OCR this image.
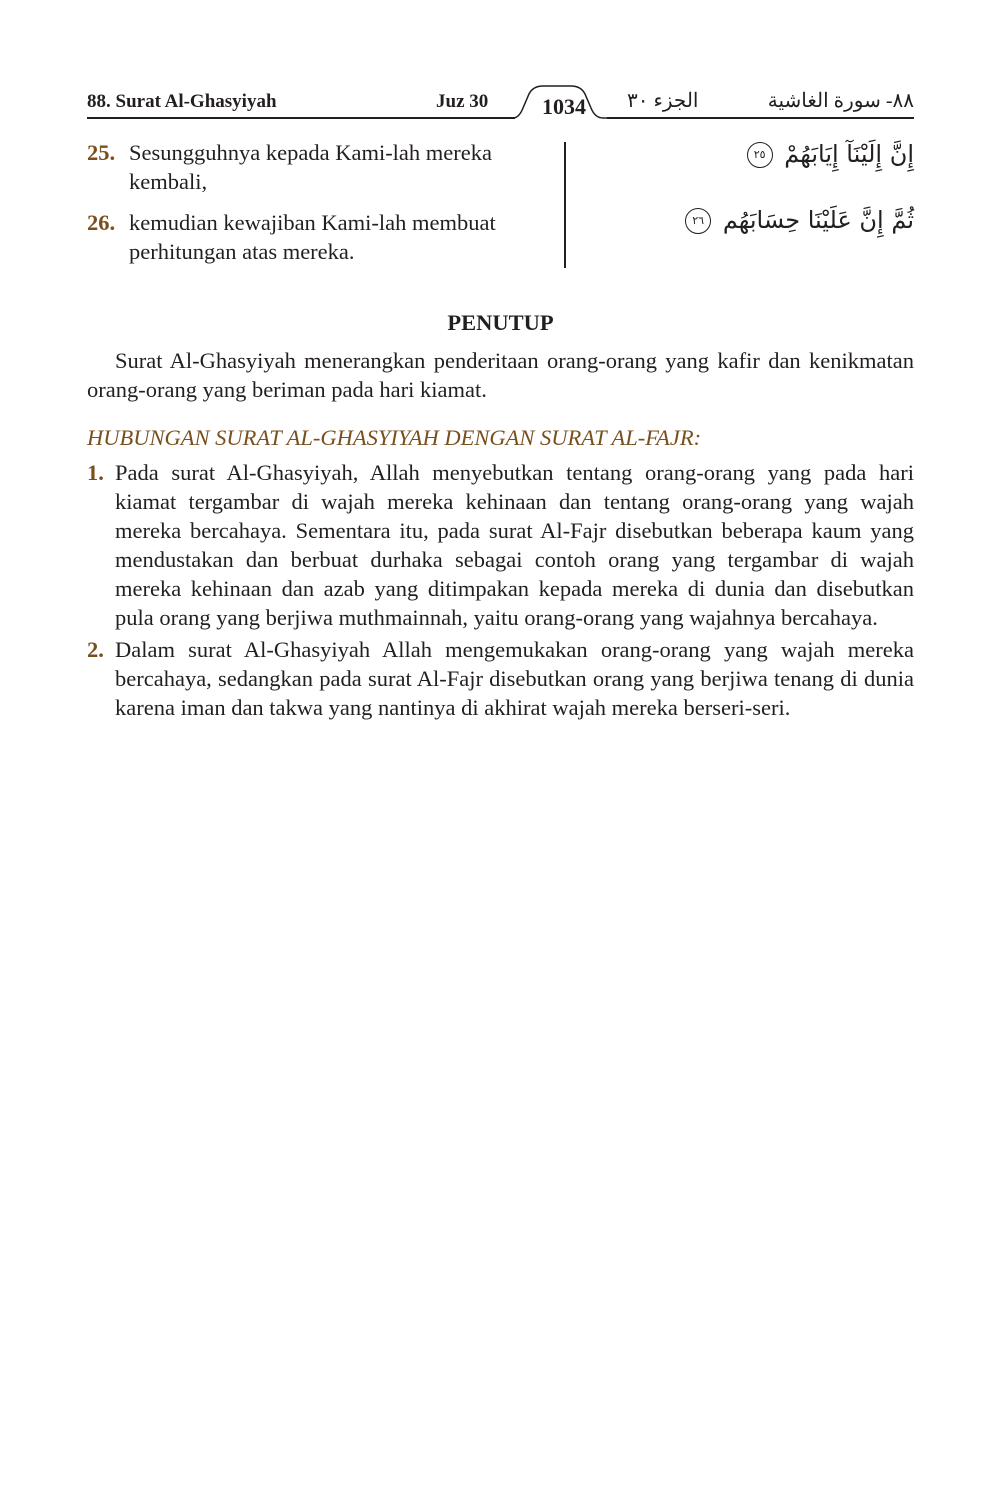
88. Surat Al-Ghasyiyah	Juz 30	1034	الجزء ٣٠	٨٨- سورة الغاشية
25. Sesungguhnya kepada Kami-lah mereka kembali,
26. kemudian kewajiban Kami-lah membuat perhitungan atas mereka.
إِنَّ إِلَيْنَآ إِيَابَهُمْ ٢٥
ثُمَّ إِنَّ عَلَيْنَا حِسَابَهُم ٢٦
PENUTUP

Surat Al-Ghasyiyah menerangkan penderitaan orang-orang yang kafir dan kenikmatan orang-orang yang beriman pada hari kiamat.

HUBUNGAN SURAT AL-GHASYIYAH DENGAN SURAT AL-FAJR:
1. Pada surat Al-Ghasyiyah, Allah menyebutkan tentang orang-orang yang pada hari kiamat tergambar di wajah mereka kehinaan dan tentang orang-orang yang wajah mereka bercahaya. Sementara itu, pada surat Al-Fajr disebutkan beberapa kaum yang mendustakan dan berbuat durhaka sebagai contoh orang yang tergambar di wajah mereka kehinaan dan azab yang ditimpakan kepada mereka di dunia dan disebutkan pula orang yang berjiwa muthmainnah, yaitu orang-orang yang wajahnya bercahaya.
2. Dalam surat Al-Ghasyiyah Allah mengemukakan orang-orang yang wajah mereka bercahaya, sedangkan pada surat Al-Fajr disebutkan orang yang berjiwa tenang di dunia karena iman dan takwa yang nantinya di akhirat wajah mereka berseri-seri.
